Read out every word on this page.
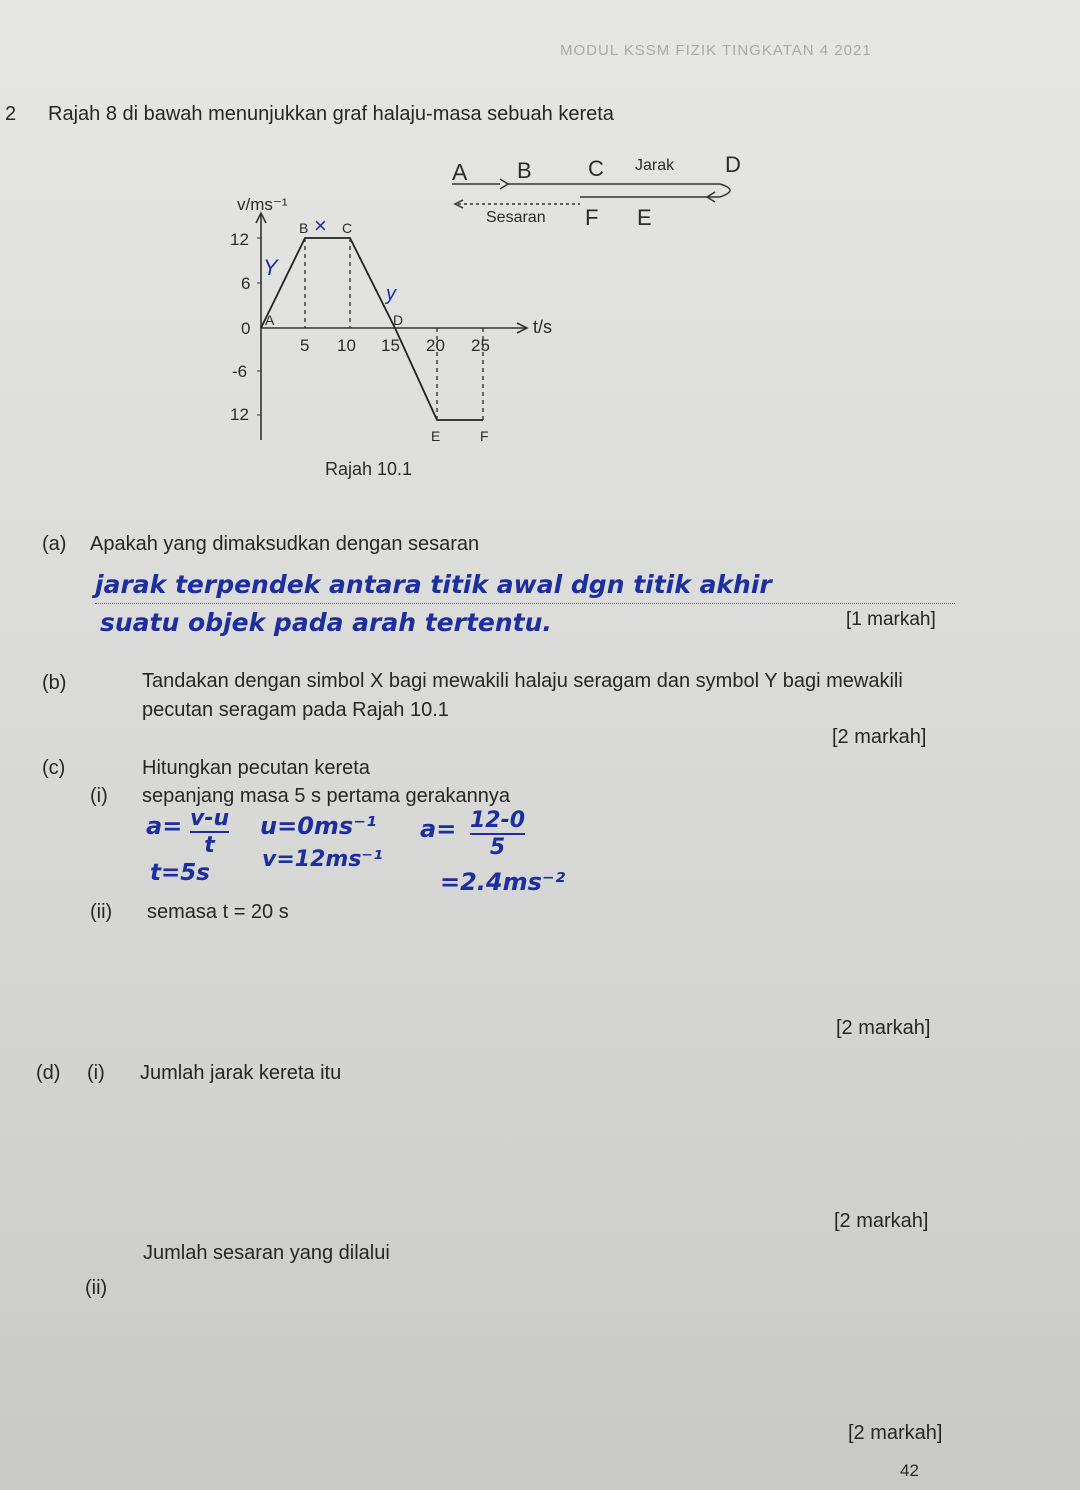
MODUL KSSM FIZIK TINGKATAN 4 2021

2 Rajah 8 di bawah menunjukkan graf halaju-masa sebuah kereta

A B	C Jarak D
Sesaran F E
v/ms⁻¹
t/s
12
6
0
-6
12
5 10 15 20 25
A
B C
D
E	F
×
Y
y
Rajah 10.1

(a) Apakah yang dimaksudkan dengan sesaran

jarak terpendek antara titik awal dgn titik akhir

suatu objek pada arah tertentu.	[1 markah]

(b)	Tandakan dengan simbol X bagi mewakili halaju seragam dan symbol Y bagi mewakili

pecutan seragam pada Rajah 10.1

[2 markah]

(c)	Hitungkan pecutan kereta

(i) sepanjang masa 5 s pertama gerakannya

a= v-u
t

u=0ms⁻¹

v=12ms⁻¹

t=5s

a= 12-0
5

=2.4ms⁻²

(ii) semasa t = 20 s

[2 markah]

(d) (i) Jumlah jarak kereta itu

[2 markah]

Jumlah sesaran yang dilalui

(ii)

[2 markah]

42
